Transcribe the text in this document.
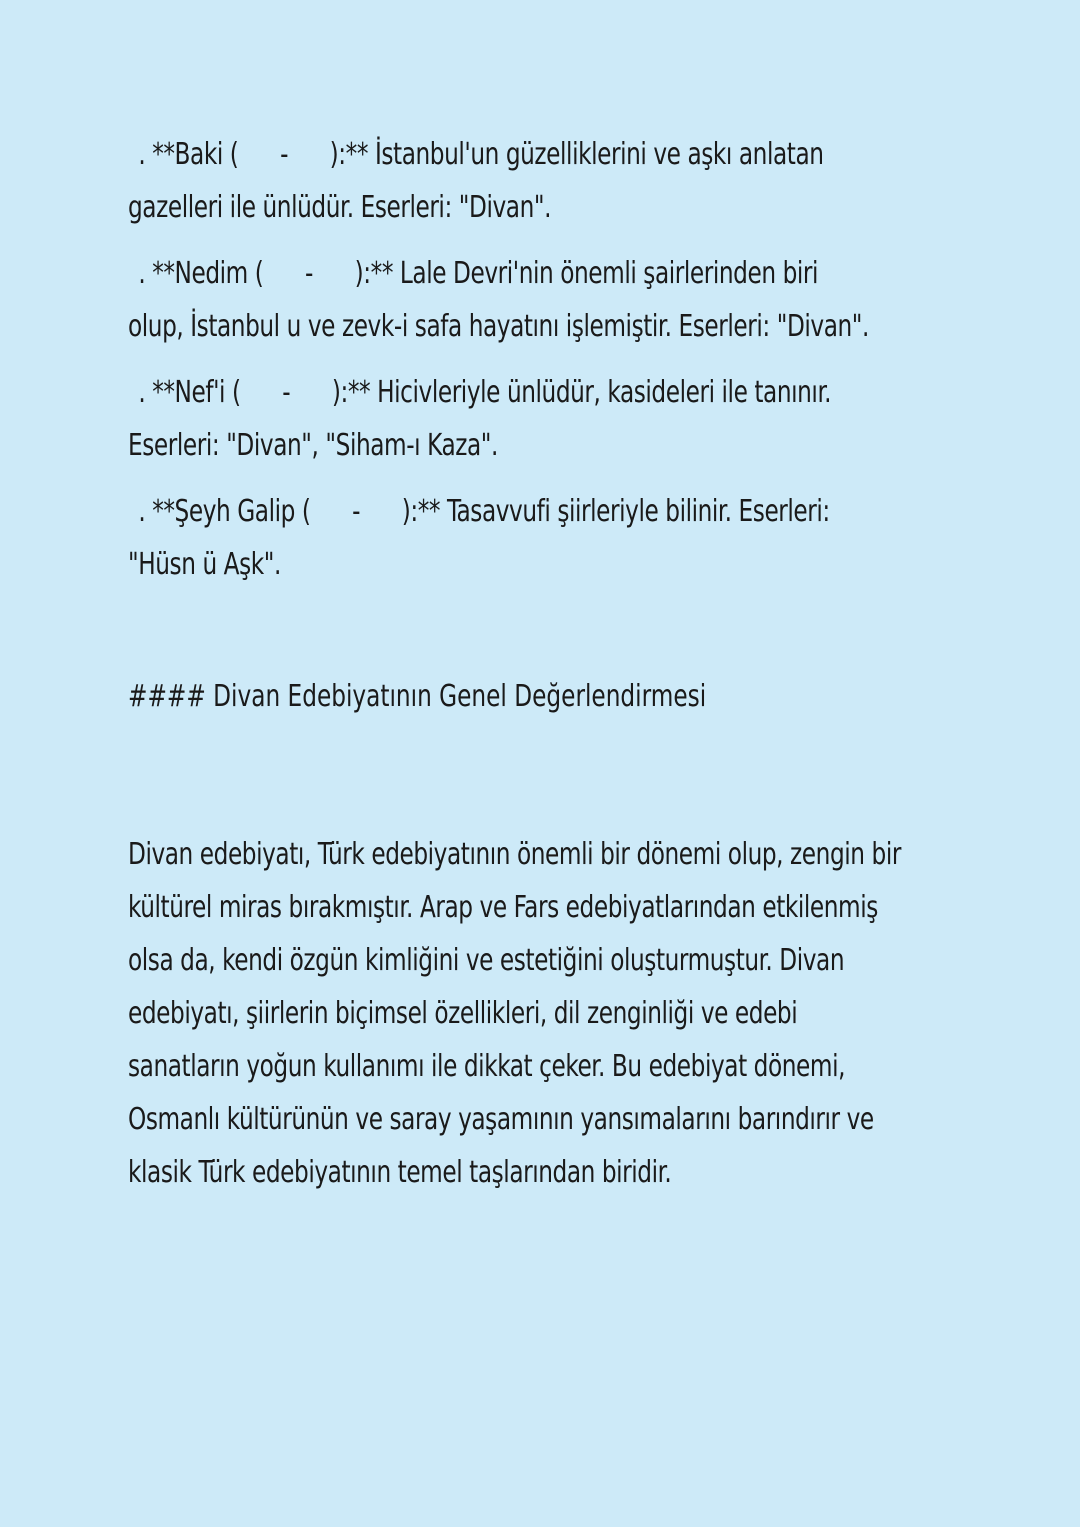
. **Baki (      -      ):** İstanbul'un güzelliklerini ve aşkı anlatan
gazelleri ile ünlüdür. Eserleri: "Divan".
. **Nedim (      -      ):** Lale Devri'nin önemli şairlerinden biri
olup, İstanbul u ve zevk-i safa hayatını işlemiştir. Eserleri: "Divan".
. **Nef'i (      -      ):** Hicivleriyle ünlüdür, kasideleri ile tanınır.
Eserleri: "Divan", "Siham-ı Kaza".
. **Şeyh Galip (      -      ):** Tasavvufi şiirleriyle bilinir. Eserleri:
"Hüsn ü Aşk".
#### Divan Edebiyatının Genel Değerlendirmesi
Divan edebiyatı, Türk edebiyatının önemli bir dönemi olup, zengin bir
kültürel miras bırakmıştır. Arap ve Fars edebiyatlarından etkilenmiş
olsa da, kendi özgün kimliğini ve estetiğini oluşturmuştur. Divan
edebiyatı, şiirlerin biçimsel özellikleri, dil zenginliği ve edebi
sanatların yoğun kullanımı ile dikkat çeker. Bu edebiyat dönemi,
Osmanlı kültürünün ve saray yaşamının yansımalarını barındırır ve
klasik Türk edebiyatının temel taşlarından biridir.
